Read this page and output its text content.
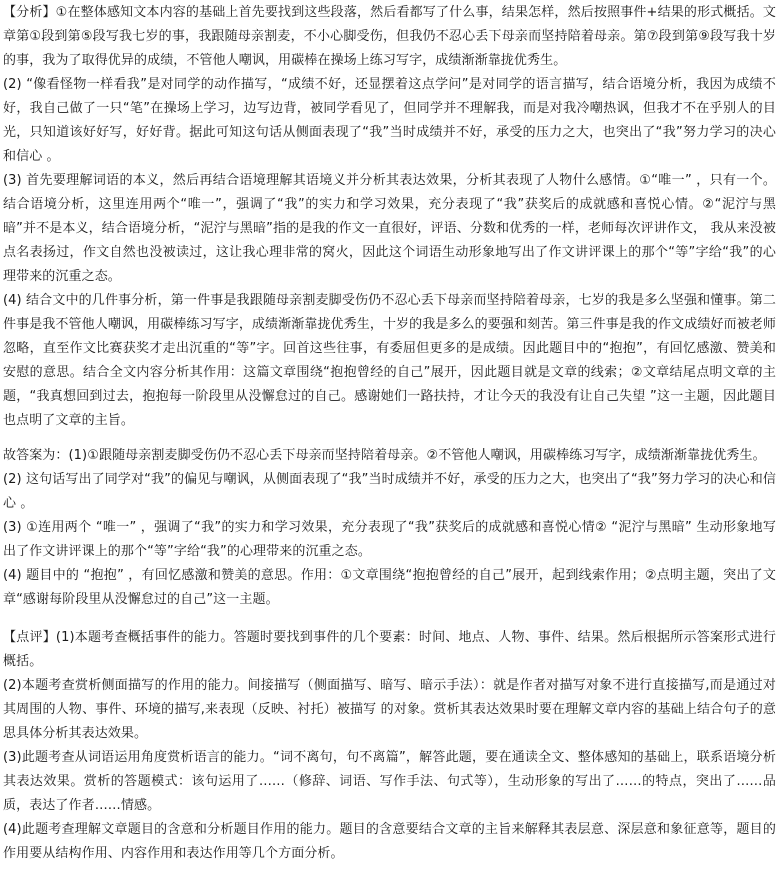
【分析】①在整体感知文本内容的基础上首先要找到这些段落，然后看都写了什么事，结果怎样，然后按照事件+结果的形式概括。文章第①段到第⑤段写我七岁的事，我跟随母亲割麦，不小心脚受伤，但我仍不忍心丢下母亲而坚持陪着母亲。第⑦段到第⑨段写我十岁的事，我为了取得优异的成绩，不管他人嘲讽，用碳棒在操场上练习写字，成绩渐渐靠拢优秀生。

(2) “像看怪物一样看我”是对同学的动作描写，“成绩不好，还显摆着这点学问”是对同学的语言描写，结合语境分析，我因为成绩不好，我自己做了一只“笔”在操场上学习，边写边背，被同学看见了，但同学并不理解我，而是对我冷嘲热讽，但我才不在乎别人的目光，只知道该好好写，好好背。据此可知这句话从侧面表现了“我”当时成绩并不好，承受的压力之大，也突出了“我”努力学习的决心和信心 。

(3) 首先要理解词语的本义，然后再结合语境理解其语境义并分析其表达效果，分析其表现了人物什么感情。①“唯一” ，只有一个。结合语境分析，这里连用两个“唯一”，强调了“我”的实力和学习效果，充分表现了“我”获奖后的成就感和喜悦心情。②“泥泞与黑暗”并不是本义，结合语境分析，“泥泞与黑暗”指的是我的作文一直很好，评语、分数和优秀的一样，老师每次评讲作文， 我从来没被点名表扬过，作文自然也没被读过，这让我心理非常的窝火，因此这个词语生动形象地写出了作文讲评课上的那个“等”字给“我”的心理带来的沉重之态。

(4) 结合文中的几件事分析，第一件事是我跟随母亲割麦脚受伤仍不忍心丢下母亲而坚持陪着母亲，七岁的我是多么坚强和懂事。第二件事是我不管他人嘲讽，用碳棒练习写字，成绩渐渐靠拢优秀生，十岁的我是多么的要强和刻苦。第三件事是我的作文成绩好而被老师忽略，直至作文比赛获奖才走出沉重的“等”字。回首这些往事，有委屈但更多的是成绩。因此题目中的“抱抱”，有回忆感激、赞美和安慰的意思。结合全文内容分析其作用：这篇文章围绕“抱抱曾经的自己”展开，因此题目就是文章的线索；②文章结尾点明文章的主题，“我真想回到过去，抱抱每一阶段里从没懈怠过的自己。感谢她们一路扶持，才让今天的我没有让自己失望 ”这一主题，因此题目也点明了文章的主旨。

故答案为：(1)①跟随母亲割麦脚受伤仍不忍心丢下母亲而坚持陪着母亲。②不管他人嘲讽，用碳棒练习写字，成绩渐渐靠拢优秀生。

(2) 这句话写出了同学对“我”的偏见与嘲讽，从侧面表现了“我”当时成绩并不好，承受的压力之大，也突出了“我”努力学习的决心和信心 。

(3) ①连用两个 “唯一” ，强调了“我”的实力和学习效果，充分表现了“我”获奖后的成就感和喜悦心情② “泥泞与黑暗” 生动形象地写出了作文讲评课上的那个“等”字给“我”的心理带来的沉重之态。

(4) 题目中的 “抱抱” ，有回忆感激和赞美的意思。作用：①文章围绕“抱抱曾经的自己”展开，起到线索作用；②点明主题，突出了文章“感谢每阶段里从没懈怠过的自己”这一主题。

【点评】(1)本题考查概括事件的能力。答题时要找到事件的几个要素：时间、地点、人物、事件、结果。然后根据所示答案形式进行概括。

(2)本题考查赏析侧面描写的作用的能力。间接描写（侧面描写、暗写、暗示手法）：就是作者对描写对象不进行直接描写,而是通过对其周围的人物、事件、环境的描写,来表现（反映、衬托）被描写 的对象。赏析其表达效果时要在理解文章内容的基础上结合句子的意思具体分析其表达效果。

(3)此题考查从词语运用角度赏析语言的能力。“词不离句，句不离篇”，解答此题，要在通读全文、整体感知的基础上，联系语境分析其表达效果。赏析的答题模式：该句运用了……（修辞、词语、写作手法、句式等），生动形象的写出了……的特点，突出了……品质，表达了作者……情感。

(4)此题考查理解文章题目的含意和分析题目作用的能力。题目的含意要结合文章的主旨来解释其表层意、深层意和象征意等，题目的作用要从结构作用、内容作用和表达作用等几个方面分析。
